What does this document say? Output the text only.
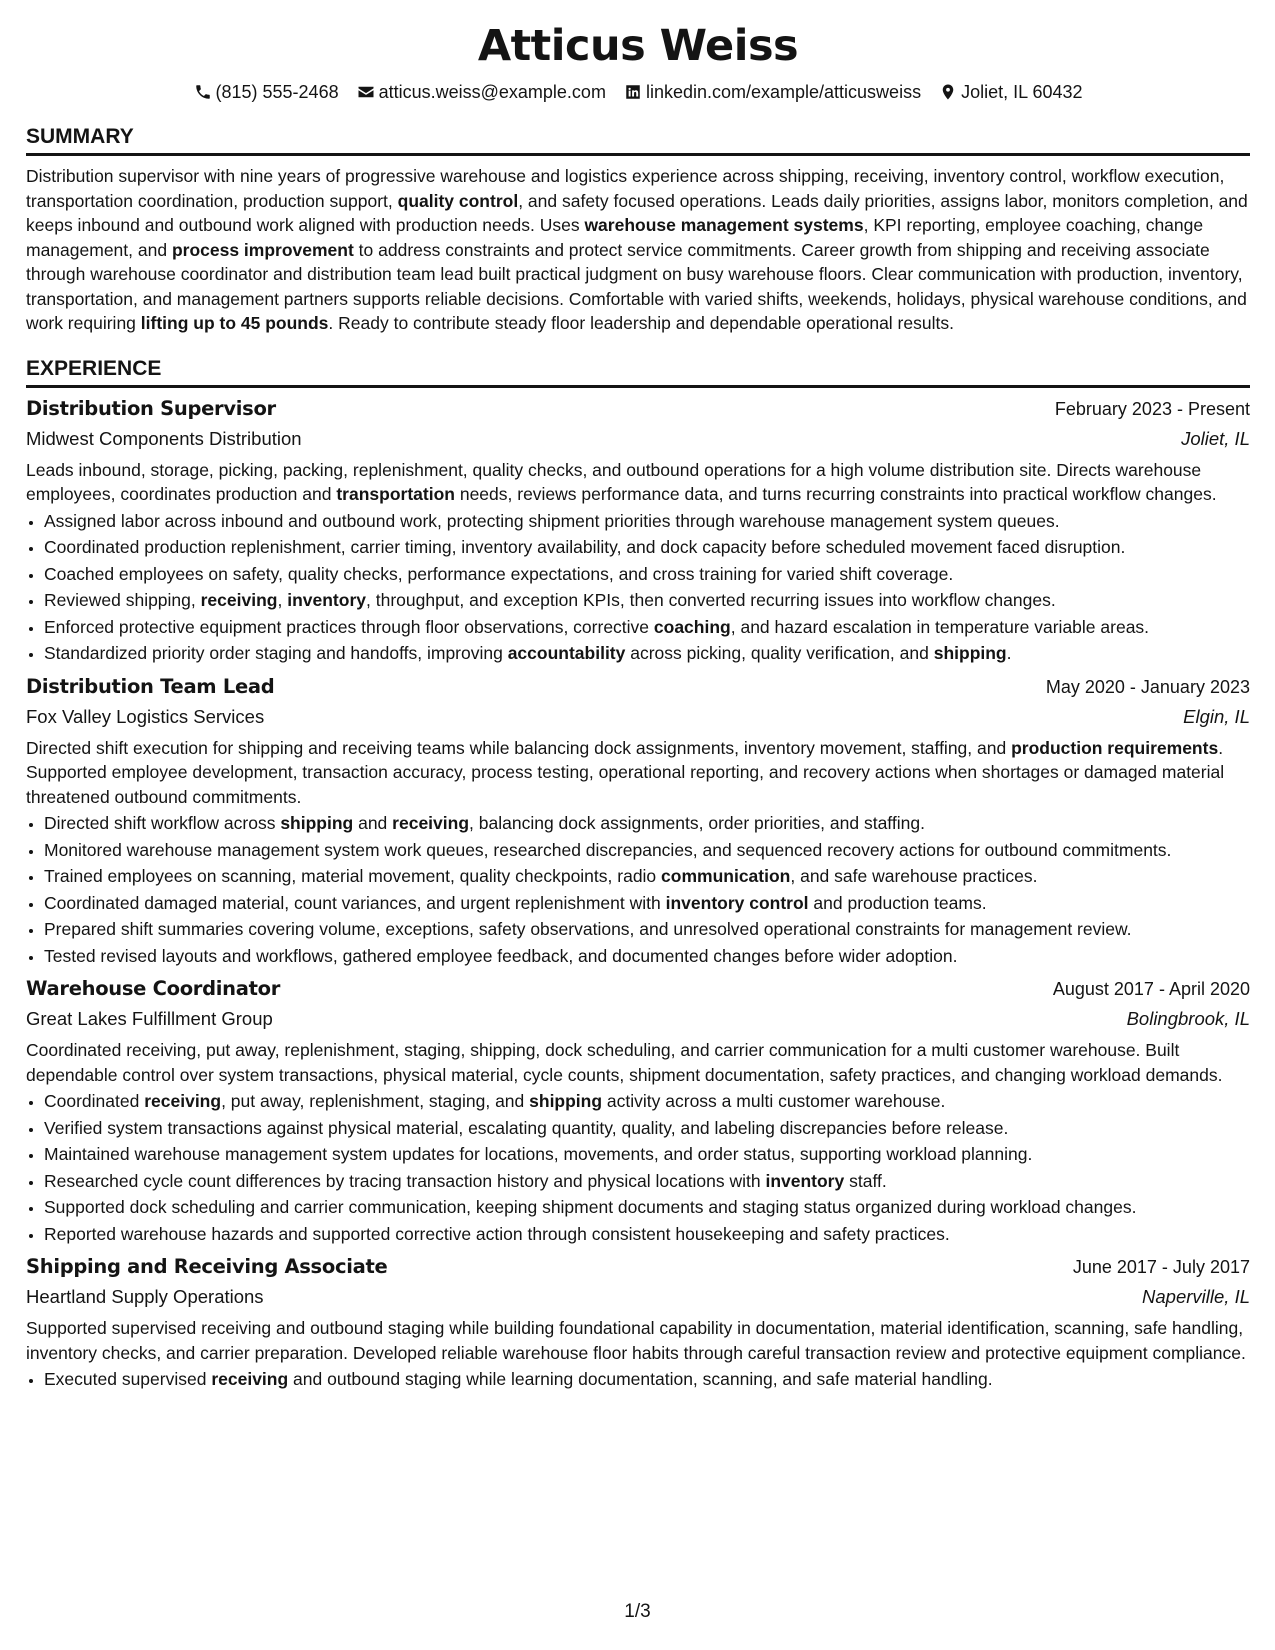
Atticus Weiss
(815) 555-2468 atticus.weiss@example.com linkedin.com/example/atticusweiss Joliet, IL 60432
SUMMARY

Distribution supervisor with nine years of progressive warehouse and logistics experience across shipping, receiving, inventory control, workflow execution, transportation coordination, production support, quality control, and safety focused operations. Leads daily priorities, assigns labor, monitors completion, and keeps inbound and outbound work aligned with production needs. Uses warehouse management systems, KPI reporting, employee coaching, change management, and process improvement to address constraints and protect service commitments. Career growth from shipping and receiving associate through warehouse coordinator and distribution team lead built practical judgment on busy warehouse floors. Clear communication with production, inventory, transportation, and management partners supports reliable decisions. Comfortable with varied shifts, weekends, holidays, physical warehouse conditions, and work requiring lifting up to 45 pounds. Ready to contribute steady floor leadership and dependable operational results.

EXPERIENCE
Distribution Supervisor	February 2023 - Present
Midwest Components Distribution	Joliet, IL

Leads inbound, storage, picking, packing, replenishment, quality checks, and outbound operations for a high volume distribution site. Directs warehouse employees, coordinates production and transportation needs, reviews performance data, and turns recurring constraints into practical workflow changes.

• Assigned labor across inbound and outbound work, protecting shipment priorities through warehouse management system queues.
• Coordinated production replenishment, carrier timing, inventory availability, and dock capacity before scheduled movement faced disruption.
• Coached employees on safety, quality checks, performance expectations, and cross training for varied shift coverage.
• Reviewed shipping, receiving, inventory, throughput, and exception KPIs, then converted recurring issues into workflow changes.
• Enforced protective equipment practices through floor observations, corrective coaching, and hazard escalation in temperature variable areas.
• Standardized priority order staging and handoffs, improving accountability across picking, quality verification, and shipping.
Distribution Team Lead	May 2020 - January 2023
Fox Valley Logistics Services	Elgin, IL

Directed shift execution for shipping and receiving teams while balancing dock assignments, inventory movement, staffing, and production requirements. Supported employee development, transaction accuracy, process testing, operational reporting, and recovery actions when shortages or damaged material threatened outbound commitments.

• Directed shift workflow across shipping and receiving, balancing dock assignments, order priorities, and staffing.
• Monitored warehouse management system work queues, researched discrepancies, and sequenced recovery actions for outbound commitments.
• Trained employees on scanning, material movement, quality checkpoints, radio communication, and safe warehouse practices.
• Coordinated damaged material, count variances, and urgent replenishment with inventory control and production teams.
• Prepared shift summaries covering volume, exceptions, safety observations, and unresolved operational constraints for management review.
• Tested revised layouts and workflows, gathered employee feedback, and documented changes before wider adoption.
Warehouse Coordinator	August 2017 - April 2020
Great Lakes Fulfillment Group	Bolingbrook, IL

Coordinated receiving, put away, replenishment, staging, shipping, dock scheduling, and carrier communication for a multi customer warehouse. Built dependable control over system transactions, physical material, cycle counts, shipment documentation, safety practices, and changing workload demands.

• Coordinated receiving, put away, replenishment, staging, and shipping activity across a multi customer warehouse.
• Verified system transactions against physical material, escalating quantity, quality, and labeling discrepancies before release.
• Maintained warehouse management system updates for locations, movements, and order status, supporting workload planning.
• Researched cycle count differences by tracing transaction history and physical locations with inventory staff.
• Supported dock scheduling and carrier communication, keeping shipment documents and staging status organized during workload changes.
• Reported warehouse hazards and supported corrective action through consistent housekeeping and safety practices.
Shipping and Receiving Associate	June 2017 - July 2017
Heartland Supply Operations	Naperville, IL

Supported supervised receiving and outbound staging while building foundational capability in documentation, material identification, scanning, safe handling, inventory checks, and carrier preparation. Developed reliable warehouse floor habits through careful transaction review and protective equipment compliance.

• Executed supervised receiving and outbound staging while learning documentation, scanning, and safe material handling.
1/3
